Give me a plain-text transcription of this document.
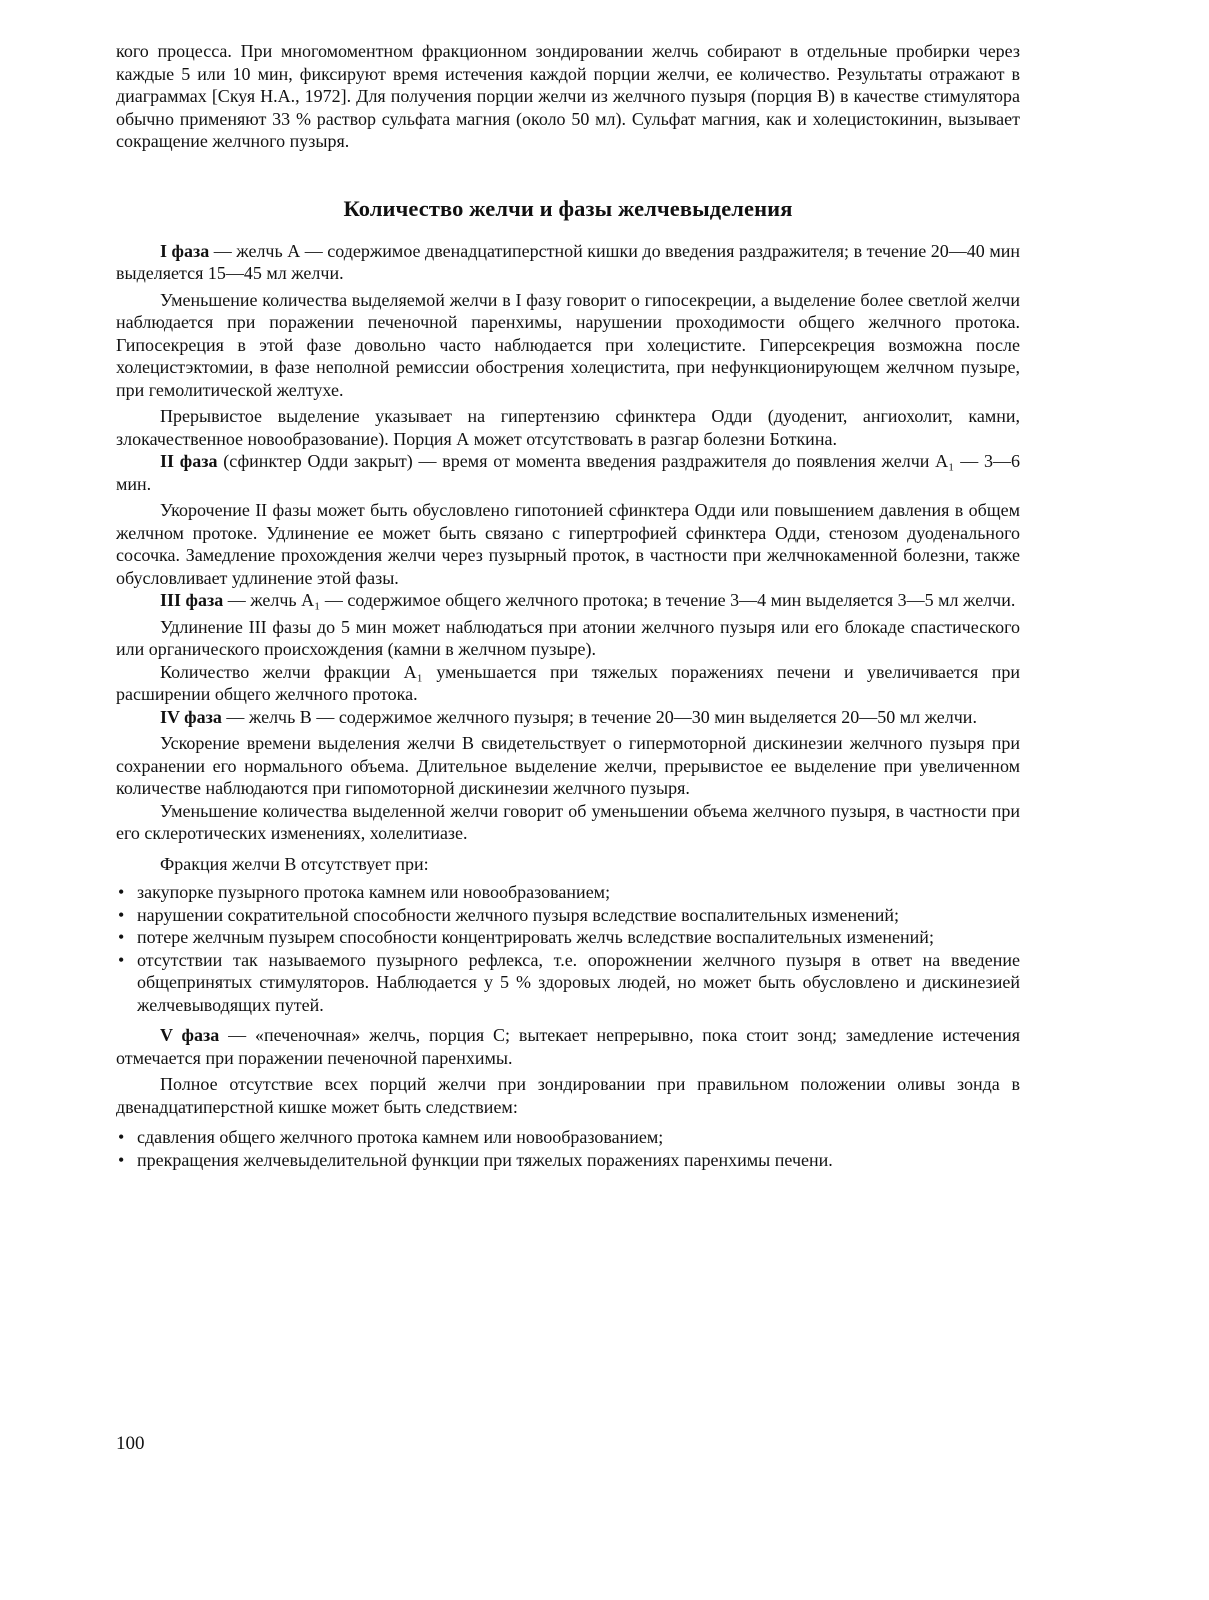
кого процесса. При многомоментном фракционном зондировании желчь собирают в отдельные пробирки через каждые 5 или 10 мин, фиксируют время истечения каждой порции желчи, ее количество. Результаты отражают в диаграммах [Скуя Н.А., 1972]. Для получения порции желчи из желчного пузыря (порция В) в качестве стимулятора обычно применяют 33 % раствор сульфата магния (около 50 мл). Сульфат магния, как и холецистокинин, вызывает сокращение желчного пузыря.

Количество желчи и фазы желчевыделения

I фаза — желчь А — содержимое двенадцатиперстной кишки до введения раздражителя; в течение 20—40 мин выделяется 15—45 мл желчи.

Уменьшение количества выделяемой желчи в I фазу говорит о гипосекреции, а выделение более светлой желчи наблюдается при поражении печеночной паренхимы, нарушении проходимости общего желчного протока. Гипосекреция в этой фазе довольно часто наблюдается при холецистите. Гиперсекреция возможна после холецистэктомии, в фазе неполной ремиссии обострения холецистита, при нефункционирующем желчном пузыре, при гемолитической желтухе.

Прерывистое выделение указывает на гипертензию сфинктера Одди (дуоденит, ангиохолит, камни, злокачественное новообразование). Порция А может отсутствовать в разгар болезни Боткина.

II фаза (сфинктер Одди закрыт) — время от момента введения раздражителя до появления желчи А₁ — 3—6 мин.

Укорочение II фазы может быть обусловлено гипотонией сфинктера Одди или повышением давления в общем желчном протоке. Удлинение ее может быть связано с гипертрофией сфинктера Одди, стенозом дуоденального сосочка. Замедление прохождения желчи через пузырный проток, в частности при желчнокаменной болезни, также обусловливает удлинение этой фазы.

III фаза — желчь А₁ — содержимое общего желчного протока; в течение 3—4 мин выделяется 3—5 мл желчи.

Удлинение III фазы до 5 мин может наблюдаться при атонии желчного пузыря или его блокаде спастического или органического происхождения (камни в желчном пузыре).

Количество желчи фракции А₁ уменьшается при тяжелых поражениях печени и увеличивается при расширении общего желчного протока.

IV фаза — желчь В — содержимое желчного пузыря; в течение 20—30 мин выделяется 20—50 мл желчи.

Ускорение времени выделения желчи В свидетельствует о гипермоторной дискинезии желчного пузыря при сохранении его нормального объема. Длительное выделение желчи, прерывистое ее выделение при увеличенном количестве наблюдаются при гипомоторной дискинезии желчного пузыря.

Уменьшение количества выделенной желчи говорит об уменьшении объема желчного пузыря, в частности при его склеротических изменениях, холелитиазе.

Фракция желчи В отсутствует при:

• закупорке пузырного протока камнем или новообразованием;
• нарушении сократительной способности желчного пузыря вследствие воспалительных изменений;
• потере желчным пузырем способности концентрировать желчь вследствие воспалительных изменений;
• отсутствии так называемого пузырного рефлекса, т.е. опорожнении желчного пузыря в ответ на введение общепринятых стимуляторов. Наблюдается у 5 % здоровых людей, но может быть обусловлено и дискинезией желчевыводящих путей.

V фаза — «печеночная» желчь, порция С; вытекает непрерывно, пока стоит зонд; замедление истечения отмечается при поражении печеночной паренхимы.

Полное отсутствие всех порций желчи при зондировании при правильном положении оливы зонда в двенадцатиперстной кишке может быть следствием:

• сдавления общего желчного протока камнем или новообразованием;
• прекращения желчевыделительной функции при тяжелых поражениях паренхимы печени.
100
